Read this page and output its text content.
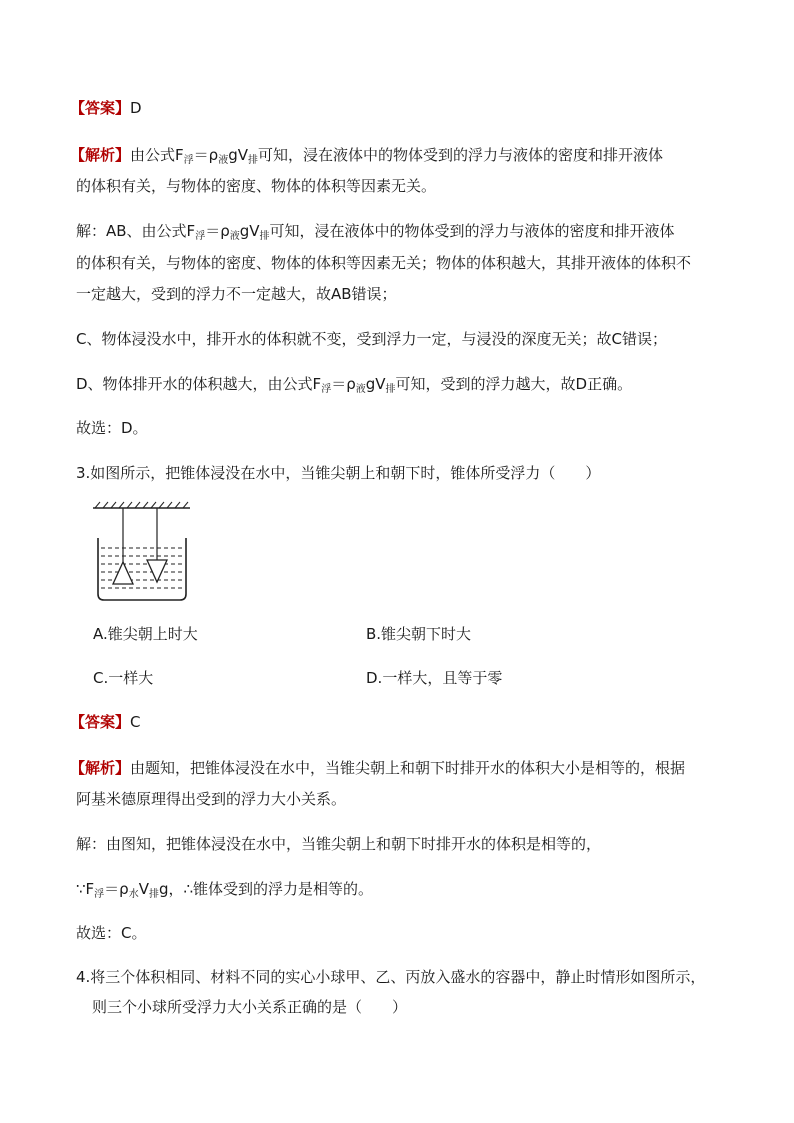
【答案】D
【解析】由公式$F_浮=\rho_液gV_排$可知，浸在液体中的物体受到的浮力与液体的密度和排开液体
的体积有关，与物体的密度、物体的体积等因素无关。
解：AB、由公式$F_浮=\rho_液gV_排$可知，浸在液体中的物体受到的浮力与液体的密度和排开液体
的体积有关，与物体的密度、物体的体积等因素无关；物体的体积越大，其排开液体的体积不
一定越大，受到的浮力不一定越大，故AB错误；
C、物体浸没水中，排开水的体积就不变，受到浮力一定，与浸没的深度无关；故C错误；
D、物体排开水的体积越大，由公式$F_浮=\rho_液gV_排$可知，受到的浮力越大，故D正确。
故选：D。
3.如图所示，把锥体浸没在水中，当锥尖朝上和朝下时，锥体所受浮力（　　）
A.锥尖朝上时大	B.锥尖朝下时大
C.一样大	D.一样大，且等于零
【答案】C
【解析】由题知，把锥体浸没在水中，当锥尖朝上和朝下时排开水的体积大小是相等的，根据
阿基米德原理得出受到的浮力大小关系。
解：由图知，把锥体浸没在水中，当锥尖朝上和朝下时排开水的体积是相等的，
$\because F_浮=\rho_水V_排g$，∴锥体受到的浮力是相等的。
故选：C。
4.将三个体积相同、材料不同的实心小球甲、乙、丙放入盛水的容器中，静止时情形如图所示，
则三个小球所受浮力大小关系正确的是（　　）
